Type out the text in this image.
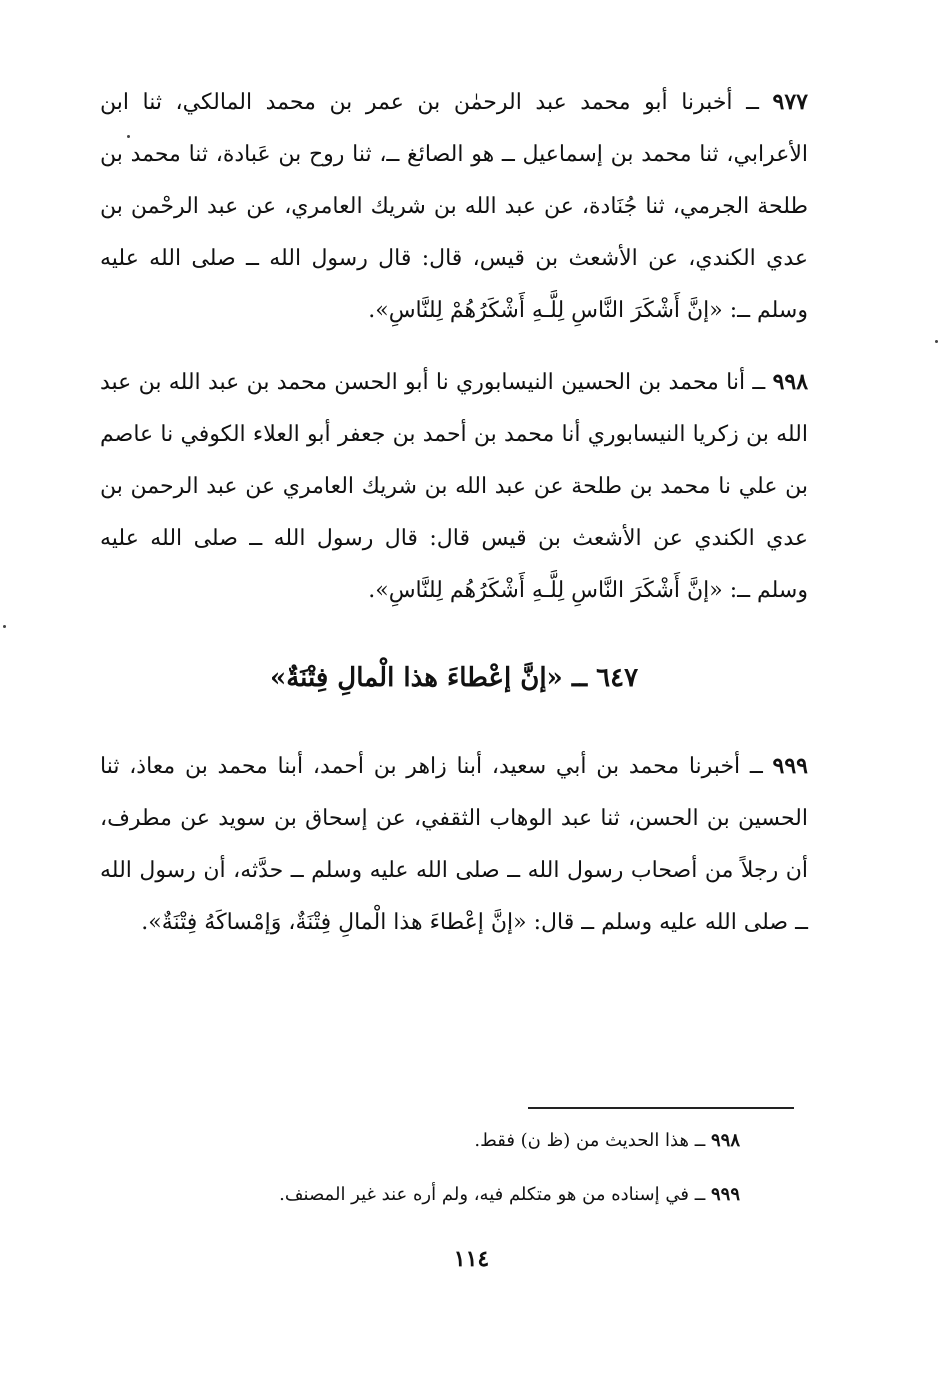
٩٧٧ ــ أخبرنا أبو محمد عبد الرحمٰن بن عمر بن محمد المالكي، ثنا ابن الأعرابي، ثنا محمد بن إسماعيل ــ هو الصائغ ــ، ثنا روح بن عَبادة، ثنا محمد بن طلحة الجرمي، ثنا جُنَادة، عن عبد الله بن شريك العامري، عن عبد الرحْمن بن عدي الكندي، عن الأشعث بن قيس، قال: قال رسول الله ــ صلى الله عليه وسلم ــ: «إنَّ أَشْكَرَ النَّاسِ لِلَّـهِ أَشْكَرُهُمْ لِلنَّاسِ».
٩٩٨ ــ أنا محمد بن الحسين النيسابوري نا أبو الحسن محمد بن عبد الله بن عبد الله بن زكريا النيسابوري أنا محمد بن أحمد بن جعفر أبو العلاء الكوفي نا عاصم بن علي نا محمد بن طلحة عن عبد الله بن شريك العامري عن عبد الرحمن بن عدي الكندي عن الأشعث بن قيس قال: قال رسول الله ــ صلى الله عليه وسلم ــ: «إنَّ أَشْكَرَ النَّاسِ لِلَّـهِ أَشْكَرُهُم لِلنَّاسِ».
٦٤٧ ــ «إنَّ إعْطاءَ هذا الْمالِ فِتْنَةٌ»
٩٩٩ ــ أخبرنا محمد بن أبي سعيد، أبنا زاهر بن أحمد، أبنا محمد بن معاذ، ثنا الحسين بن الحسن، ثنا عبد الوهاب الثقفي، عن إسحاق بن سويد عن مطرف، أن رجلاً من أصحاب رسول الله ــ صلى الله عليه وسلم ــ حدَّثه، أن رسول الله ــ صلى الله عليه وسلم ــ قال: «إنَّ إعْطاءَ هذا الْمالِ فِتْنَةٌ، وَإمْساكَهُ فِتْنَةٌ».
٩٩٨ ــ هذا الحديث من (ظ ن) فقط.
٩٩٩ ــ في إسناده من هو متكلم فيه، ولم أره عند غير المصنف.
١١٤
